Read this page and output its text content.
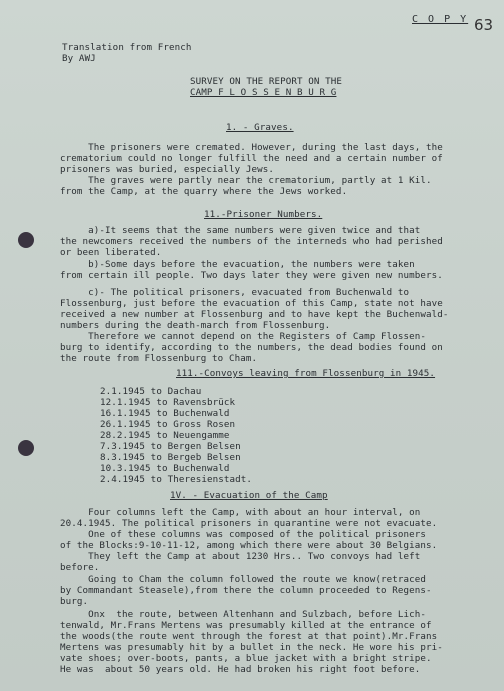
C O P Y 63
Translation from French
By AWJ
SURVEY ON THE REPORT ON THE
CAMP F L O S S E N B U R G
1. - Graves.
The prisoners were cremated. However, during the last days, the
crematorium could no longer fulfill the need and a certain number of
prisoners was buried, especially Jews.
The graves were partly near the crematorium, partly at 1 Kil.
from the Camp, at the quarry where the Jews worked.
11.-Prisoner Numbers.
a)-It seems that the same numbers were given twice and that
the newcomers received the numbers of the interneds who had perished
or been liberated.
b)-Some days before the evacuation, the numbers were taken
from certain ill people. Two days later they were given new numbers.
c)- The political prisoners, evacuated from Buchenwald to
Flossenburg, just before the evacuation of this Camp, state not have
received a new number at Flossenburg and to have kept the Buchenwald-
numbers during the death-march from Flossenburg.
Therefore we cannot depend on the Registers of Camp Flossen-
burg to identify, according to the numbers, the dead bodies found on
the route from Flossenburg to Cham.
111.-Convoys leaving from Flossenburg in 1945.
2.1.1945 to Dachau
12.1.1945 to Ravensbrück
16.1.1945 to Buchenwald
26.1.1945 to Gross Rosen
28.2.1945 to Neuengamme
7.3.1945 to Bergen Belsen
8.3.1945 to Bergeb Belsen
10.3.1945 to Buchenwald
2.4.1945 to Theresienstadt.
1V. - Evacuation of the Camp
Four columns left the Camp, with about an hour interval, on
20.4.1945. The political prisoners in quarantine were not evacuate.
One of these columns was composed of the political prisoners
of the Blocks:9-10-11-12, among which there were about 30 Belgians.
They left the Camp at about 1230 Hrs.. Two convoys had left
before.
Going to Cham the column followed the route we know(retraced
by Commandant Steasele),from there the column proceeded to Regens-
burg.
Onx  the route, between Altenhann and Sulzbach, before Lich-
tenwald, Mr.Frans Mertens was presumably killed at the entrance of
the woods(the route went through the forest at that point).Mr.Frans
Mertens was presumably hit by a bullet in the neck. He wore his pri-
vate shoes; over-boots, pants, a blue jacket with a bright stripe.
He was  about 50 years old. He had broken his right foot before.
